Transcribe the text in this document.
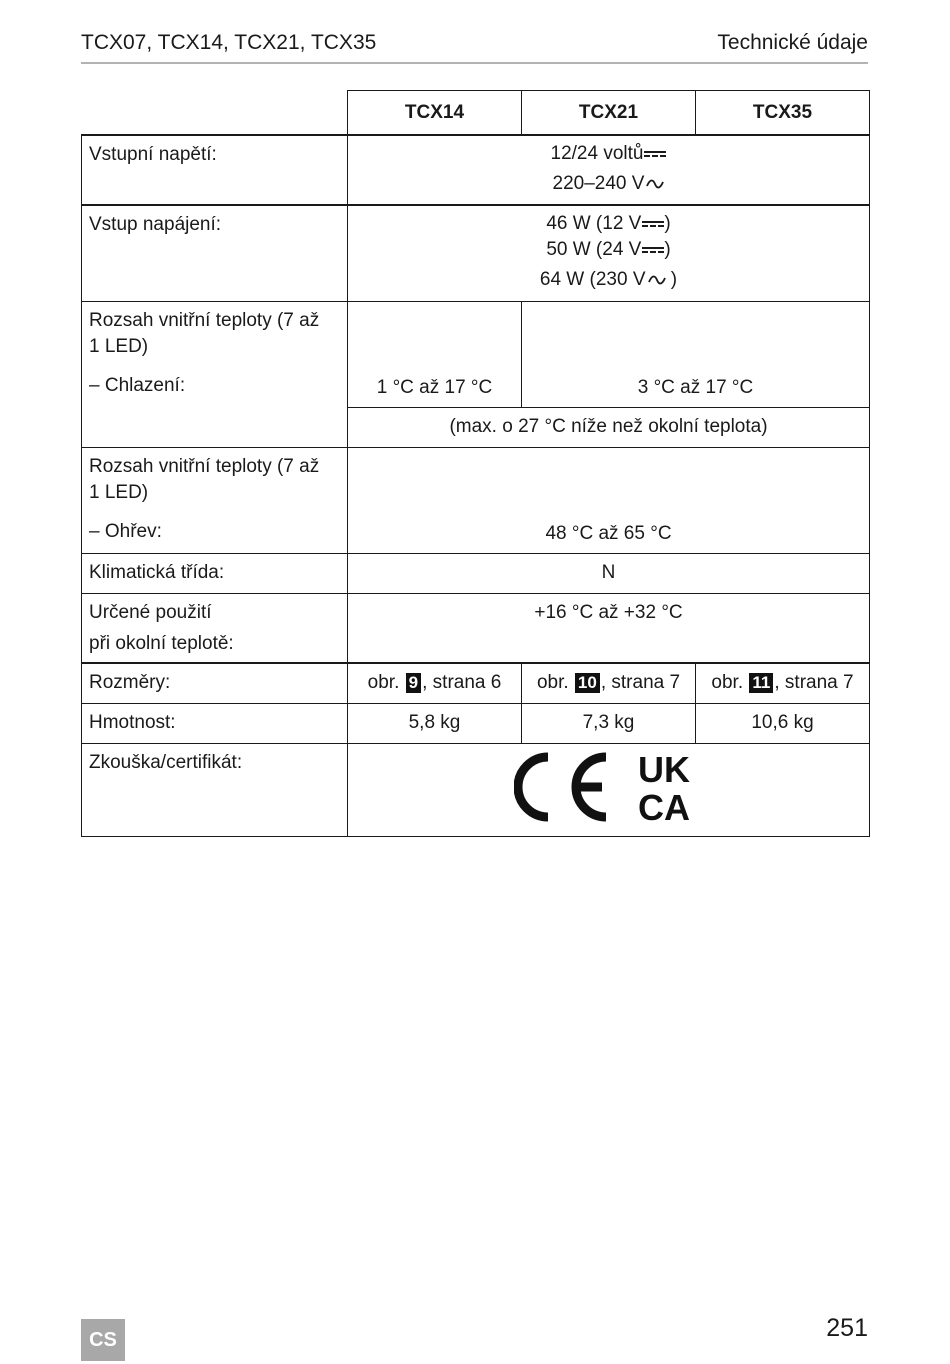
TCX07, TCX14, TCX21, TCX35	Technické údaje
	TCX14	TCX21	TCX35
Vstupní napětí:	12/24 voltů
220–240 V		

Vstup napájení:	46 W (12 V )
50 W (24 V )
64 W (230 V )		

Rozsah vnitřní teploty (7 až 1 LED)
– Chlazení:	1 °C až 17 °C	3 °C až 17 °C	
	(max. o 27 °C níže než okolní teplota)		

Rozsah vnitřní teploty (7 až 1 LED)
– Ohřev:	48 °C až 65 °C		
Klimatická třída:	N		

Určené použití
při okolní teplotě:	+16 °C až +32 °C		
Rozměry:	obr. 9 , strana 6	obr. 10 , strana 7	obr. 11 , strana 7
Hmotnost:	5,8 kg	7,3 kg	10,6 kg
Zkouška/certifikát:	UK
CA		
CS	251
